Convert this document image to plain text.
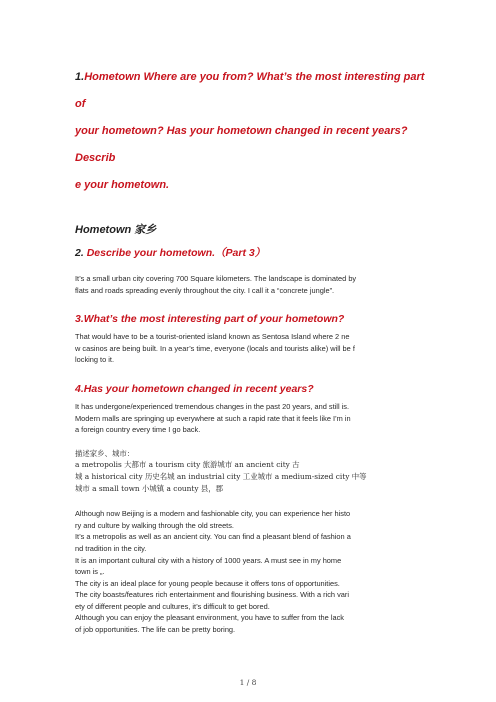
1.Hometown Where are you from? What’s the most interesting part of

your hometown? Has your hometown changed in recent years? Describ

e your hometown.

Hometown 家乡

2. Describe your hometown.（Part 3）

It’s a small urban city covering 700 Square kilometers. The landscape is dominated by

flats and roads spreading evenly throughout the city. I call it a “concrete jungle”.

3.What’s the most interesting part of your hometown?

That would have to be a tourist-oriented island known as Sentosa Island where 2 ne

w casinos are being built. In a year’s time, everyone (locals and tourists alike) will be f

locking to it.

4.Has your hometown changed in recent years?

It has undergone/experienced tremendous changes in the past 20 years, and still is.

Modern malls are springing up everywhere at such a rapid rate that it feels like I’m in

a foreign country every time I go back.

描述家乡、城市：

a metropolis 大都市 a tourism city 旅游城市 an ancient city 古

城 a historical city 历史名城 an industrial city 工业城市 a medium-sized city 中等

城市 a small town 小城镇 a county 县，郡

Although now Beijing is a modern and fashionable city, you can experience her histo

ry and culture by walking through the old streets.

It’s a metropolis as well as an ancient city. You can find a pleasant blend of fashion a

nd tradition in the city.

It is an important cultural city with a history of 1000 years. A must see in my home

town is „.

The city is an ideal place for young people because it offers tons of opportunities.

The city boasts/features rich entertainment and flourishing business. With a rich vari

ety of different people and cultures, it’s difficult to get bored.

Although you can enjoy the pleasant environment, you have to suffer from the lack

of job opportunities. The life can be pretty boring.

1 / 8
